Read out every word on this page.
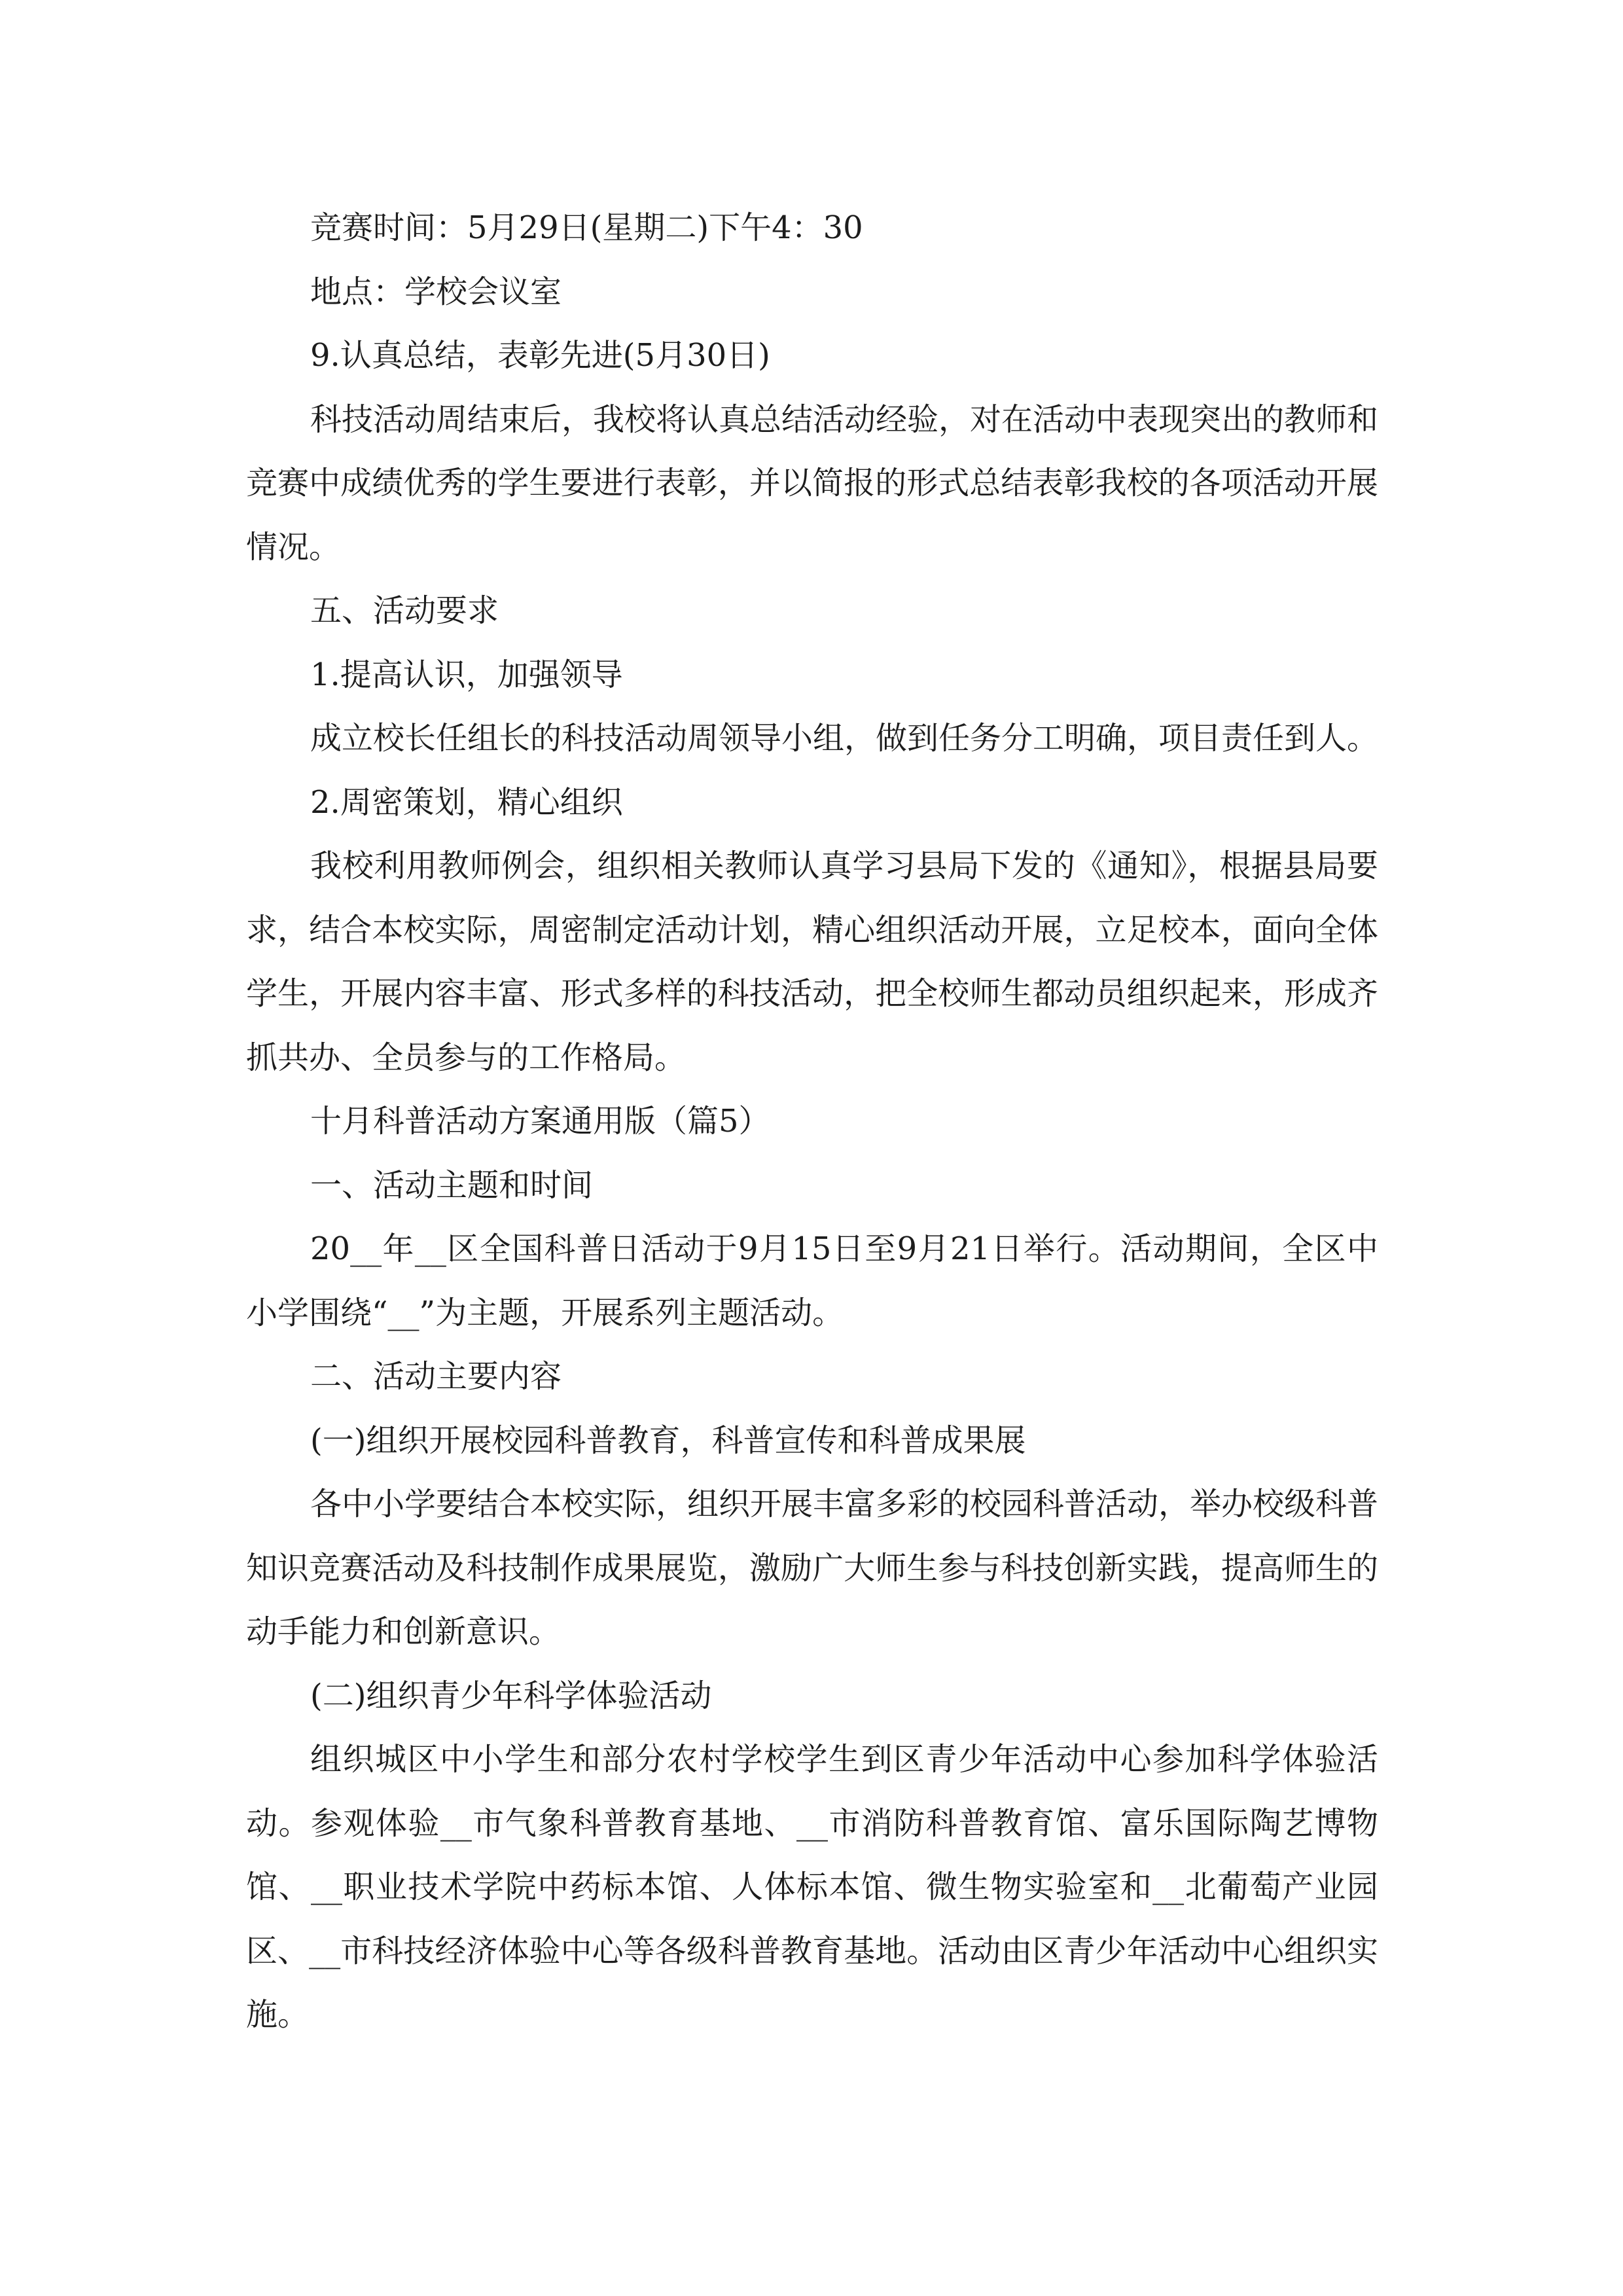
竞赛时间：5月29日(星期二)下午4：30

地点：学校会议室

9.认真总结，表彰先进(5月30日)

科技活动周结束后，我校将认真总结活动经验，对在活动中表现突出的教师和竞赛中成绩优秀的学生要进行表彰，并以简报的形式总结表彰我校的各项活动开展情况。

五、活动要求

1.提高认识，加强领导

成立校长任组长的科技活动周领导小组，做到任务分工明确，项目责任到人。

2.周密策划，精心组织

我校利用教师例会，组织相关教师认真学习县局下发的《通知》，根据县局要求，结合本校实际，周密制定活动计划，精心组织活动开展，立足校本，面向全体学生，开展内容丰富、形式多样的科技活动，把全校师生都动员组织起来，形成齐抓共办、全员参与的工作格局。

十月科普活动方案通用版（篇5）

一、活动主题和时间

20__年__区全国科普日活动于9月15日至9月21日举行。活动期间，全区中小学围绕“__”为主题，开展系列主题活动。

二、活动主要内容

(一)组织开展校园科普教育，科普宣传和科普成果展

各中小学要结合本校实际，组织开展丰富多彩的校园科普活动，举办校级科普知识竞赛活动及科技制作成果展览，激励广大师生参与科技创新实践，提高师生的动手能力和创新意识。

(二)组织青少年科学体验活动

组织城区中小学生和部分农村学校学生到区青少年活动中心参加科学体验活动。参观体验__市气象科普教育基地、__市消防科普教育馆、富乐国际陶艺博物馆、__职业技术学院中药标本馆、人体标本馆、微生物实验室和__北葡萄产业园区、__市科技经济体验中心等各级科普教育基地。活动由区青少年活动中心组织实施。
